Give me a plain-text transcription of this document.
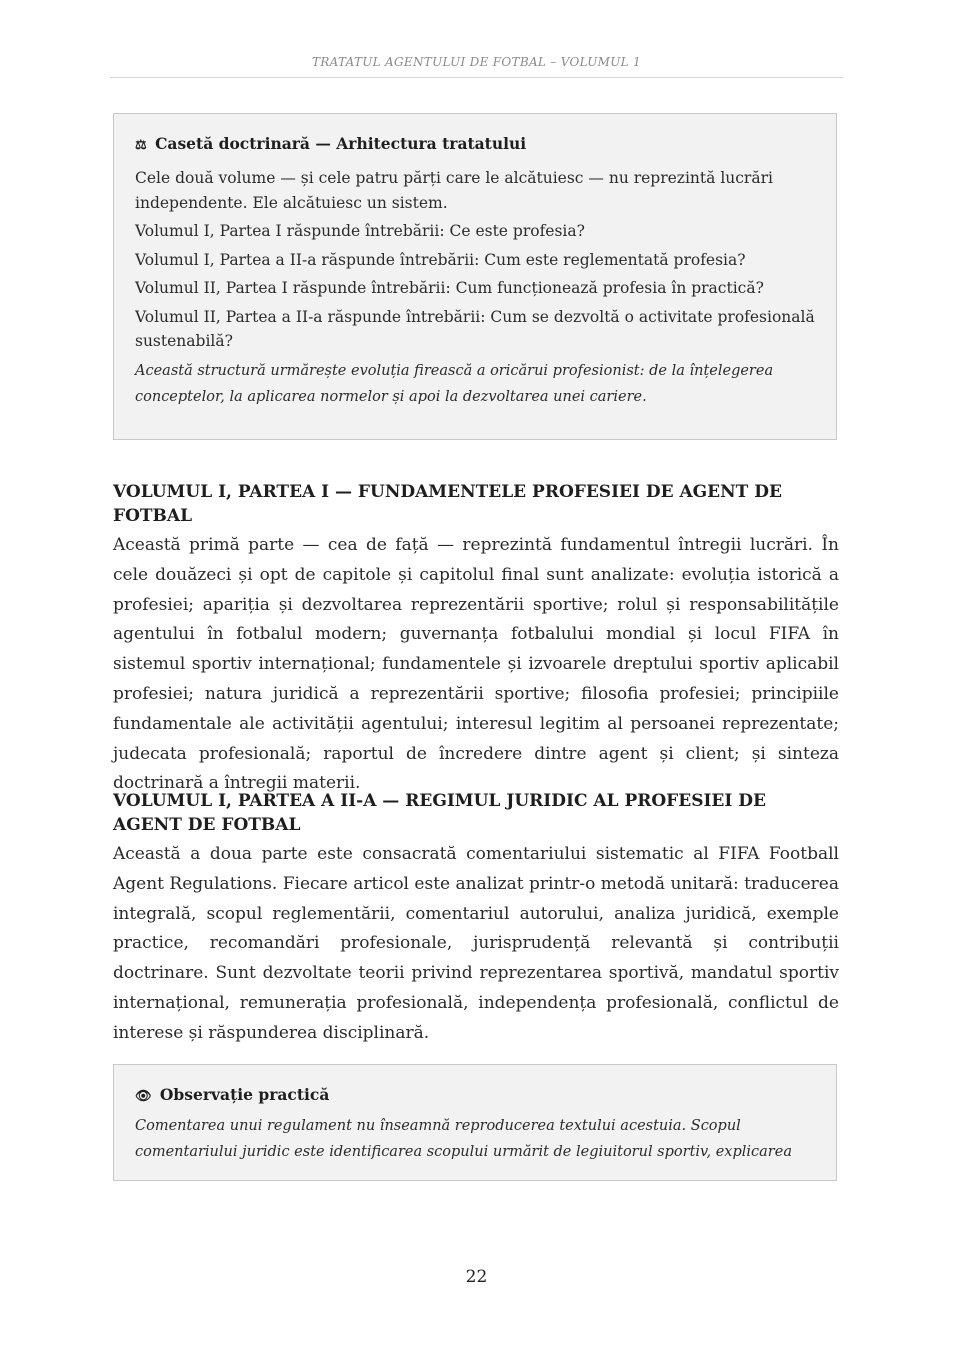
TRATATUL AGENTULUI DE FOTBAL – VOLUMUL 1
⚖ Casetă doctrinară — Arhitectura tratatului

Cele două volume — și cele patru părți care le alcătuiesc — nu reprezintă lucrări independente. Ele alcătuiesc un sistem.

Volumul I, Partea I răspunde întrebării: Ce este profesia?

Volumul I, Partea a II-a răspunde întrebării: Cum este reglementată profesia?

Volumul II, Partea I răspunde întrebării: Cum funcționează profesia în practică?

Volumul II, Partea a II-a răspunde întrebării: Cum se dezvoltă o activitate profesională sustenabilă?

Această structură urmărește evoluția firească a oricărui profesionist: de la înțelegerea conceptelor, la aplicarea normelor și apoi la dezvoltarea unei cariere.

VOLUMUL I, PARTEA I — FUNDAMENTELE PROFESIEI DE AGENT DE FOTBAL

Această primă parte — cea de față — reprezintă fundamentul întregii lucrări. În cele douăzeci și opt de capitole și capitolul final sunt analizate: evoluția istorică a profesiei; apariția și dezvoltarea reprezentării sportive; rolul și responsabilitățile agentului în fotbalul modern; guvernanța fotbalului mondial și locul FIFA în sistemul sportiv internațional; fundamentele și izvoarele dreptului sportiv aplicabil profesiei; natura juridică a reprezentării sportive; filosofia profesiei; principiile fundamentale ale activității agentului; interesul legitim al persoanei reprezentate; judecata profesională; raportul de încredere dintre agent și client; și sinteza doctrinară a întregii materii.

VOLUMUL I, PARTEA A II-A — REGIMUL JURIDIC AL PROFESIEI DE AGENT DE FOTBAL

Această a doua parte este consacrată comentariului sistematic al FIFA Football Agent Regulations. Fiecare articol este analizat printr-o metodă unitară: traducerea integrală, scopul reglementării, comentariul autorului, analiza juridică, exemple practice, recomandări profesionale, jurisprudență relevantă și contribuții doctrinare. Sunt dezvoltate teorii privind reprezentarea sportivă, mandatul sportiv internațional, remunerația profesională, independența profesională, conflictul de interese și răspunderea disciplinară.

👁 Observație practică

Comentarea unui regulament nu înseamnă reproducerea textului acestuia. Scopul comentariului juridic este identificarea scopului urmărit de legiuitorul sportiv, explicarea

22
